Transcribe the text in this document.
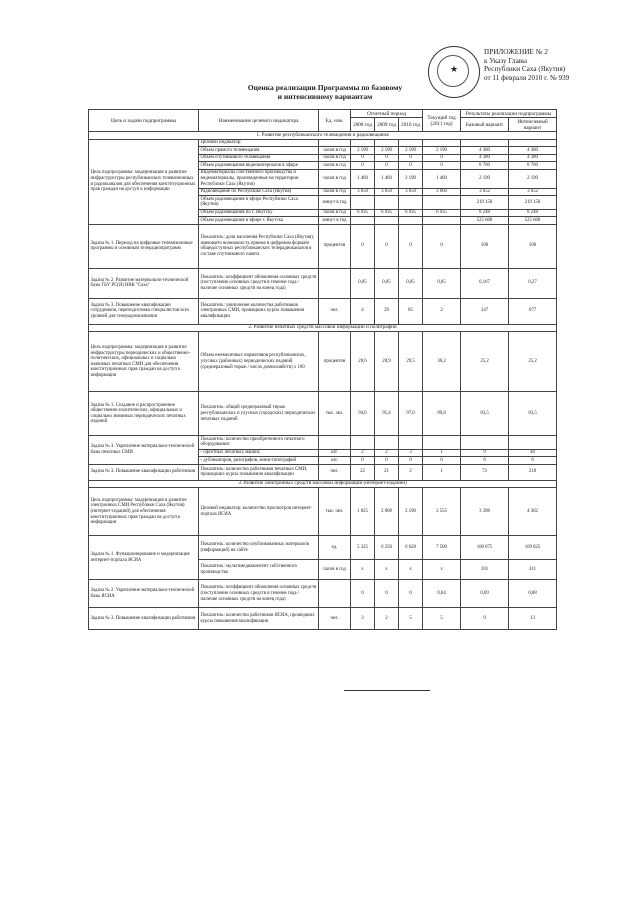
★
ПРИЛОЖЕНИЕ № 2
к Указу Главы
Республики Саха (Якутия)
от 11 февраля 2010 г. № 939
Оценка реализации Программы по базовому
и интенсивному вариантам
Цель и задачи подпрограммы	Наименование целевого индикатора	Ед. изм.	Отчетный период			Текущий год (2011 год)	Результаты реализации подпрограммы	
			2008 год	2009 год	2010 год		Базовый вариант	Интенсивный вариант
1. Развитие республиканского телевидения и радиовещания								
Цель подпрограммы: модернизация и развитие инфраструктуры республиканских телевизионных и радиоканалов для обеспечения конституционных прав граждан на доступ к информации	Целевой индикатор:							
	Объем прямого телевещания	часов в год	2 190	2 190	2 190	2 190	4 380	4 380
	Объем спутникового телевещания	часов в год	0	0	0	0	4 380	4 380
	Объем радиовещания видеоматериалов в эфире	часов в год	0	0	0	0	8 760	8 760
	Видеоматериалы собственного производства и видеоматериалы, произведенные на территории Республики Саха (Якутия)	часов в год	1 460	1 460	2 190	1 460	2 190	2 190
	Радиовещание по Республике Саха (Якутия)	часов в год	3 650	3 650	3 650	3 660	3 652	3 652
	Объем радиовещания в эфире Республики Саха (Якутия)	минут в год					219 150	219 150
	Объем радиовещания по г. Якутску	часов в год	6 935	6 935	6 935	6 935	8 248	8 248
	Объем радиовещания в эфире г. Якутска	минут в год					525 600	525 600
Задача № 1. Переход на цифровые телевизионные программы в основным телерадиопрограмм	Показатель: доля населения Республики Саха (Якутия), имеющего возможность приема в цифровом формате общедоступных республиканских телерадиоканалов в составе спутникового пакета	процентов	0	0	0	0	100	100
Задача № 2. Развитие материально-технической базы ГБУ РС(Я) НВК "Саха"	Показатель: коэффициент обновления основных средств (поступление основных средств в течение года / наличие основных средств на конец года)		0,05	0,05	0,05	0,05	0,167	0,27
Задача № 3. Повышение квалификации сотрудников, переподготовка специалистов всех уровней для телерадиокомпании	Показатель: увеличение количества работников электронных СМИ, прошедших курсы повышения квалификации	чел.	4	29	85	2	347	677
2. Развитие печатных средств массовой информации и полиграфии								
Цель подпрограммы: модернизация и развитие инфраструктуры периодических и общественно-политических, официальных и социально значимых печатных СМИ для обеспечения конституционных прав граждан на доступ к информации	Объем ежемесячных нормативов республиканских, улусных (районных) периодических изданий (среднеразовый тираж / число домохозяйств) х 100	процентов	28,6	28,9	29,5	30,2	25,2	25,2
Задача № 1. Создание и распространение общественно-политических, официальных и социально значимых периодических печатных изданий	Показатель: общий среднеразовый тираж республиканских и улусных (городских) периодических печатных изданий	тыс. экз.	94,6	95,4	97,0	99,8	83,5	83,5
Задача № 3. Укрепление материально-технической базы печатных СМИ	Показатель: количество приобретенного печатного оборудования:							
	- офсетных печатных машин;	шт.	2	2	3	1	9	48
	- дубликаторов, ризографов, мини-типографий	шт.	0	0	0	0	6	6
Задача № 3. Повышение квалификации работников	Показатель: количество работников печатных СМИ, прошедших курсы повышения квалификации	чел.	22	21	2	1	73	210
3. Развитие электронных средств массовой информации (интернет-изданий)								
Цель подпрограммы: модернизация и развитие электронных СМИ Республики Саха (Якутия) (интернет-изданий) для обеспечения конституционных прав граждан на доступ к информации	Целевой индикатор: количество просмотров интернет-портала ЯСИА	тыс. чел.	1 825	2 008	2 190	2 555	3 398	4 362
Задача № 1. Функционирование и модернизация интернет-портала ЯСИА	Показатель: количество опубликованных материалов (информаций) на сайте	ед.	5 325	6 258	6 628	7 500	106 675	109 825
	Показатель: мультимедиаконтент собственного производства	часов в год	х	х	х	х	101	311
Задача № 2. Укрепление материально-технической базы ЯСИА	Показатель: коэффициент обновления основных средств (поступление основных средств в течение года / наличие основных средств на конец года)		0	0	0	0,64	0,69	0,88
Задача № 3. Повышение квалификации работников	Показатель: количество работников ЯСИА, прошедших курсы повышения квалификации	чел.	3	2	5	5	9	13
